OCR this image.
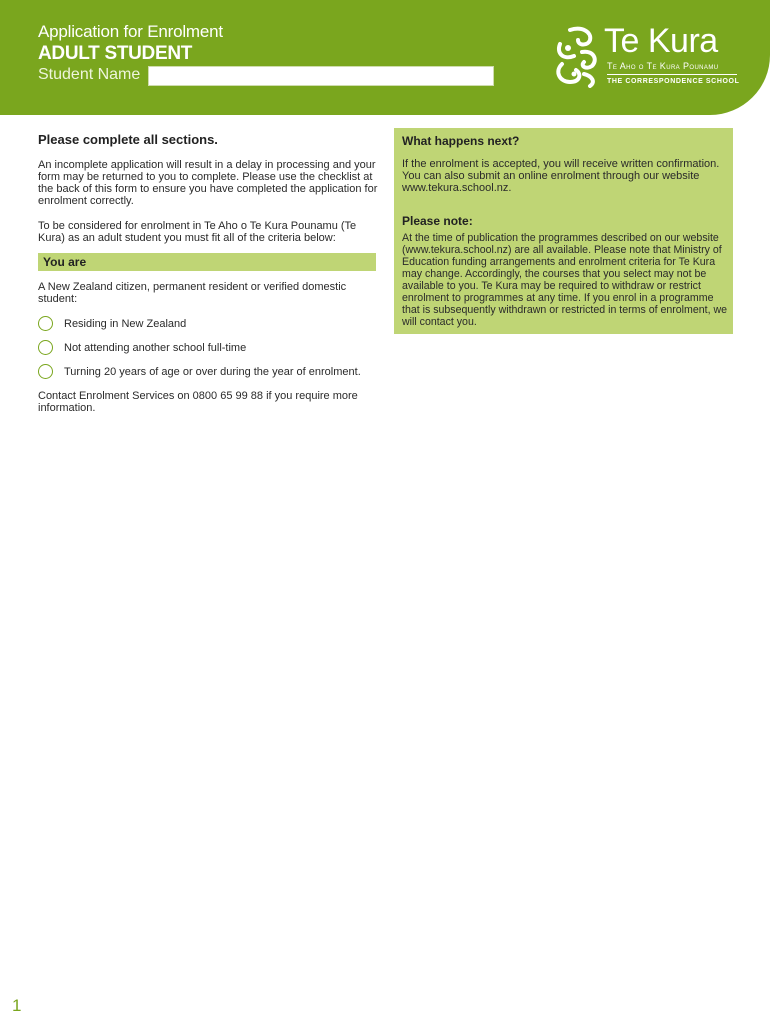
Application for Enrolment
ADULT STUDENT
Student Name
Te Kura
Te Aho o Te Kura Pounamu
THE CORRESPONDENCE SCHOOL
Please complete all sections.
An incomplete application will result in a delay in processing and your form may be returned to you to complete. Please use the checklist at the back of this form to ensure you have completed the application for enrolment correctly.
To be considered for enrolment in Te Aho o Te Kura Pounamu (Te Kura) as an adult student you must fit all of the criteria below:
You are
A New Zealand citizen, permanent resident or verified domestic student:
Residing in New Zealand
Not attending another school full-time
Turning 20 years of age or over during the year of enrolment.
Contact Enrolment Services on 0800 65 99 88 if you require more information.
What happens next?
If the enrolment is accepted, you will receive written confirmation. You can also submit an online enrolment through our website www.tekura.school.nz.
Please note:
At the time of publication the programmes described on our website (www.tekura.school.nz) are all available. Please note that Ministry of Education funding arrangements and enrolment criteria for Te Kura may change. Accordingly, the courses that you select may not be available to you. Te Kura may be required to withdraw or restrict enrolment to programmes at any time. If you enrol in a programme that is subsequently withdrawn or restricted in terms of enrolment, we will contact you.
1
